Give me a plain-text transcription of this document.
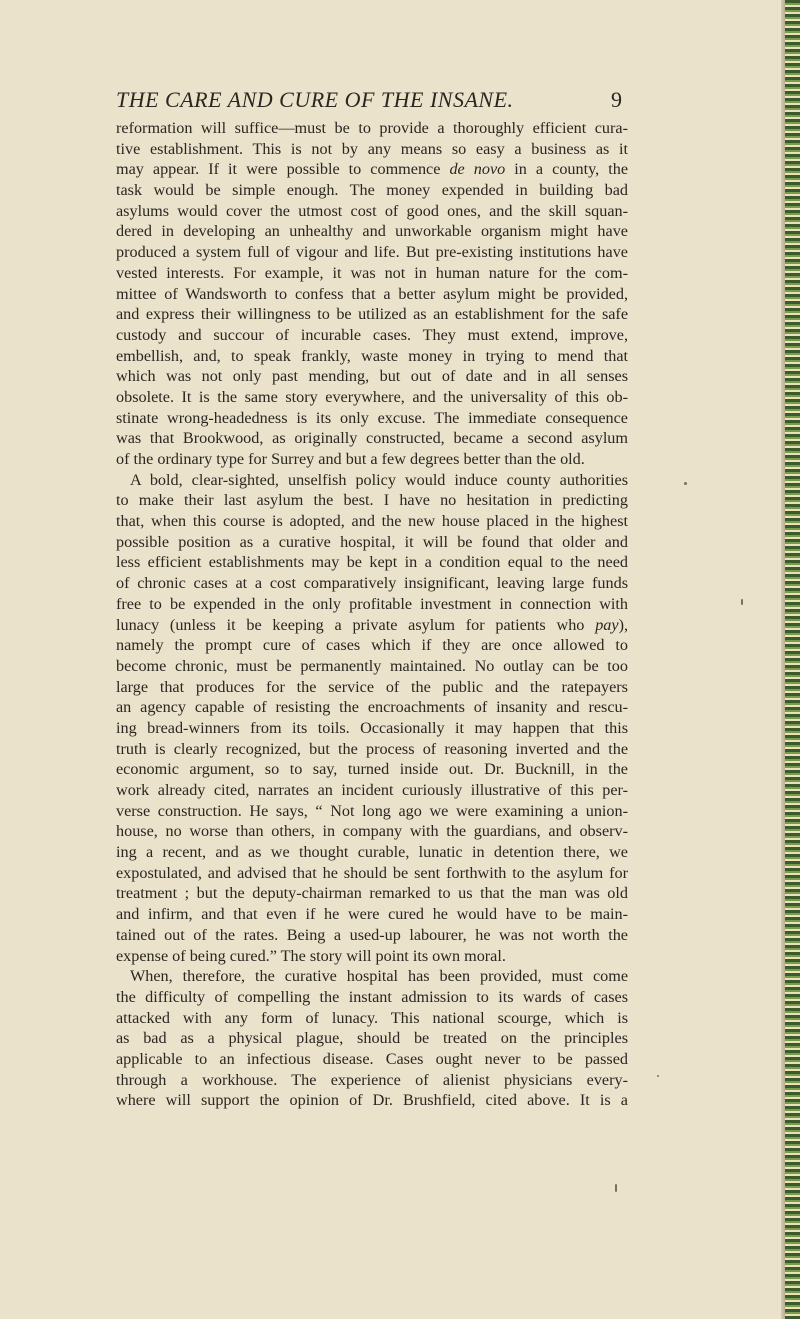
THE CARE AND CURE OF THE INSANE.	9
reformation will suffice—must be to provide a thoroughly efficient cura-
tive establishment. This is not by any means so easy a business as it
may appear. If it were possible to commence de novo in a county, the
task would be simple enough. The money expended in building bad
asylums would cover the utmost cost of good ones, and the skill squan-
dered in developing an unhealthy and unworkable organism might have
produced a system full of vigour and life. But pre-existing institutions have
vested interests. For example, it was not in human nature for the com-
mittee of Wandsworth to confess that a better asylum might be provided,
and express their willingness to be utilized as an establishment for the safe
custody and succour of incurable cases. They must extend, improve,
embellish, and, to speak frankly, waste money in trying to mend that
which was not only past mending, but out of date and in all senses
obsolete. It is the same story everywhere, and the universality of this ob-
stinate wrong-headedness is its only excuse. The immediate consequence
was that Brookwood, as originally constructed, became a second asylum
of the ordinary type for Surrey and but a few degrees better than the old.
A bold, clear-sighted, unselfish policy would induce county authorities
to make their last asylum the best. I have no hesitation in predicting
that, when this course is adopted, and the new house placed in the highest
possible position as a curative hospital, it will be found that older and
less efficient establishments may be kept in a condition equal to the need
of chronic cases at a cost comparatively insignificant, leaving large funds
free to be expended in the only profitable investment in connection with
lunacy (unless it be keeping a private asylum for patients who pay),
namely the prompt cure of cases which if they are once allowed to
become chronic, must be permanently maintained. No outlay can be too
large that produces for the service of the public and the ratepayers
an agency capable of resisting the encroachments of insanity and rescu-
ing bread-winners from its toils. Occasionally it may happen that this
truth is clearly recognized, but the process of reasoning inverted and the
economic argument, so to say, turned inside out. Dr. Bucknill, in the
work already cited, narrates an incident curiously illustrative of this per-
verse construction. He says, “ Not long ago we were examining a union-
house, no worse than others, in company with the guardians, and observ-
ing a recent, and as we thought curable, lunatic in detention there, we
expostulated, and advised that he should be sent forthwith to the asylum for
treatment ; but the deputy-chairman remarked to us that the man was old
and infirm, and that even if he were cured he would have to be main-
tained out of the rates. Being a used-up labourer, he was not worth the
expense of being cured.” The story will point its own moral.
When, therefore, the curative hospital has been provided, must come
the difficulty of compelling the instant admission to its wards of cases
attacked with any form of lunacy. This national scourge, which is
as bad as a physical plague, should be treated on the principles
applicable to an infectious disease. Cases ought never to be passed
through a workhouse. The experience of alienist physicians every-
where will support the opinion of Dr. Brushfield, cited above. It is a
